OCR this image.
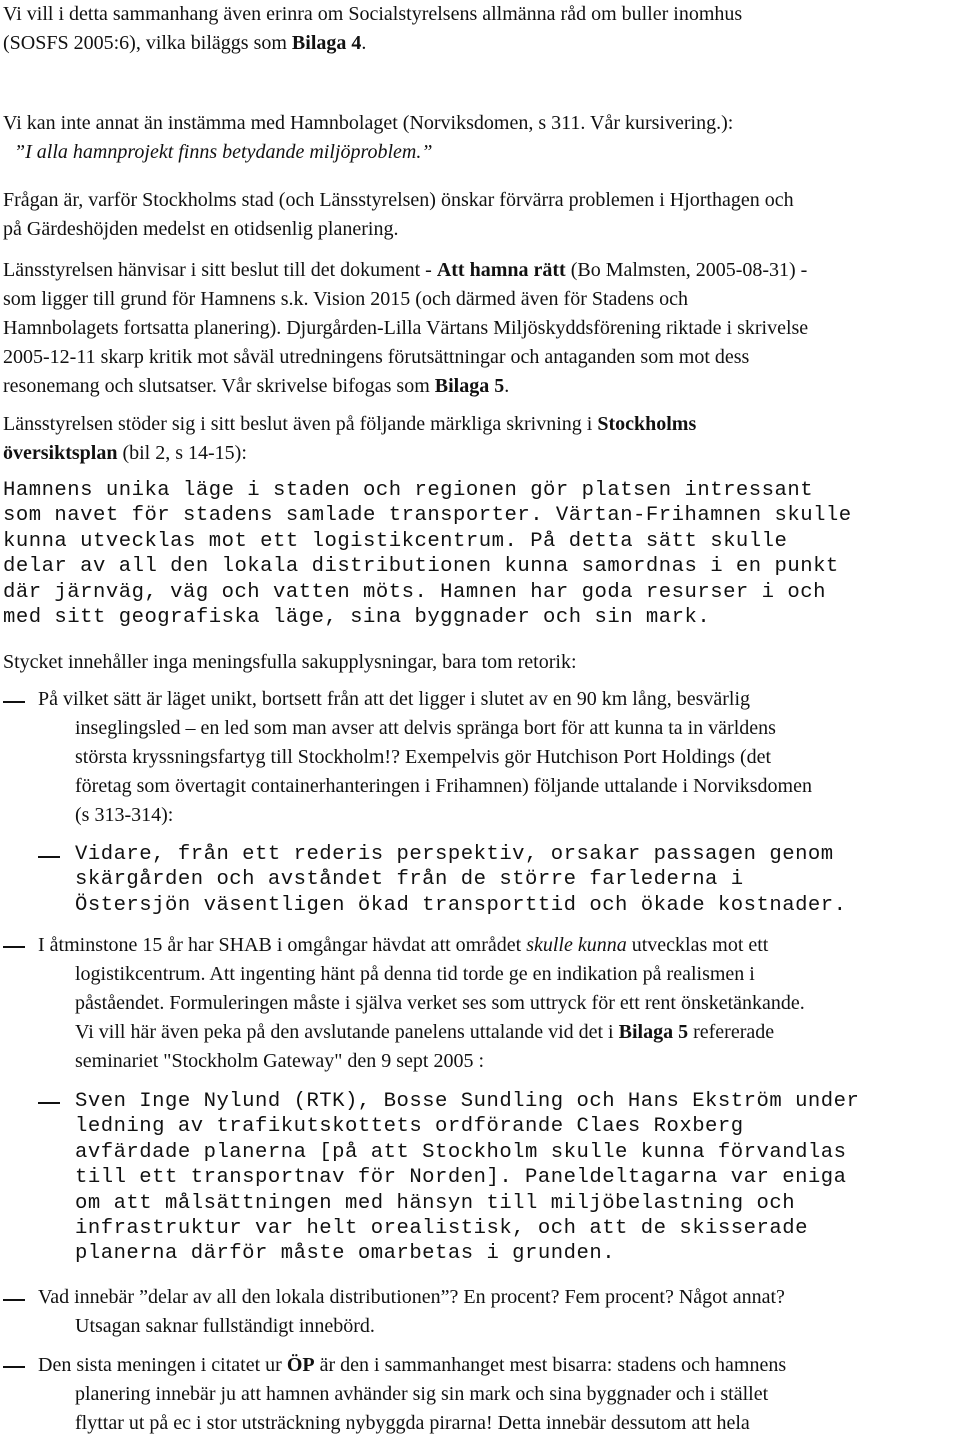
Vi vill i detta sammanhang även erinra om Socialstyrelsens allmänna råd om buller inomhus
(SOSFS 2005:6), vilka biläggs som Bilaga 4.
Vi kan inte annat än instämma med Hamnbolaget (Norviksdomen, s 311. Vår kursivering.):
”I alla hamnprojekt finns betydande miljöproblem.”
Frågan är, varför Stockholms stad (och Länsstyrelsen) önskar förvärra problemen i Hjorthagen och
på Gärdeshöjden medelst en otidsenlig planering.
Länsstyrelsen hänvisar i sitt beslut till det dokument - Att hamna rätt (Bo Malmsten, 2005-08-31) -
som ligger till grund för Hamnens s.k. Vision 2015 (och därmed även för Stadens och
Hamnbolagets fortsatta planering). Djurgården-Lilla Värtans Miljöskyddsförening riktade i skrivelse
2005-12-11 skarp kritik mot såväl utredningens förutsättningar och antaganden som mot dess
resonemang och slutsatser. Vår skrivelse bifogas som Bilaga 5.
Länsstyrelsen stöder sig i sitt beslut även på följande märkliga skrivning i Stockholms
översiktsplan (bil 2, s 14-15):
Hamnens unika läge i staden och regionen gör platsen intressant
som navet för stadens samlade transporter. Värtan-Frihamnen skulle
kunna utvecklas mot ett logistikcentrum. På detta sätt skulle
delar av all den lokala distributionen kunna samordnas i en punkt
där järnväg, väg och vatten möts. Hamnen har goda resurser i och
med sitt geografiska läge, sina byggnader och sin mark.
Stycket innehåller inga meningsfulla sakupplysningar, bara tom retorik:
På vilket sätt är läget unikt, bortsett från att det ligger i slutet av en 90 km lång, besvärlig
inseglingsled – en led som man avser att delvis spränga bort för att kunna ta in världens
största kryssningsfartyg till Stockholm!? Exempelvis gör Hutchison Port Holdings (det
företag som övertagit containerhanteringen i Frihamnen) följande uttalande i Norviksdomen
(s 313-314):
Vidare, från ett rederis perspektiv, orsakar passagen genom
skärgården och avståndet från de större farlederna i
Östersjön väsentligen ökad transporttid och ökade kostnader.
I åtminstone 15 år har SHAB i omgångar hävdat att området skulle kunna utvecklas mot ett
logistikcentrum. Att ingenting hänt på denna tid torde ge en indikation på realismen i
påståendet. Formuleringen måste i själva verket ses som uttryck för ett rent önsketänkande.
Vi vill här även peka på den avslutande panelens uttalande vid det i Bilaga 5 refererade
seminariet "Stockholm Gateway" den 9 sept 2005 :
Sven Inge Nylund (RTK), Bosse Sundling och Hans Ekström under
ledning av trafikutskottets ordförande Claes Roxberg
avfärdade planerna [på att Stockholm skulle kunna förvandlas
till ett transportnav för Norden]. Paneldeltagarna var eniga
om att målsättningen med hänsyn till miljöbelastning och
infrastruktur var helt orealistisk, och att de skisserade
planerna därför måste omarbetas i grunden.
Vad innebär ”delar av all den lokala distributionen”? En procent? Fem procent? Något annat?
Utsagan saknar fullständigt innebörd.
Den sista meningen i citatet ur ÖP är den i sammanhanget mest bisarra: stadens och hamnens
planering innebär ju att hamnen avhänder sig sin mark och sina byggnader och i stället
flyttar ut på ec i stor utsträckning nybyggda pirarna! Detta innebär dessutom att hela
